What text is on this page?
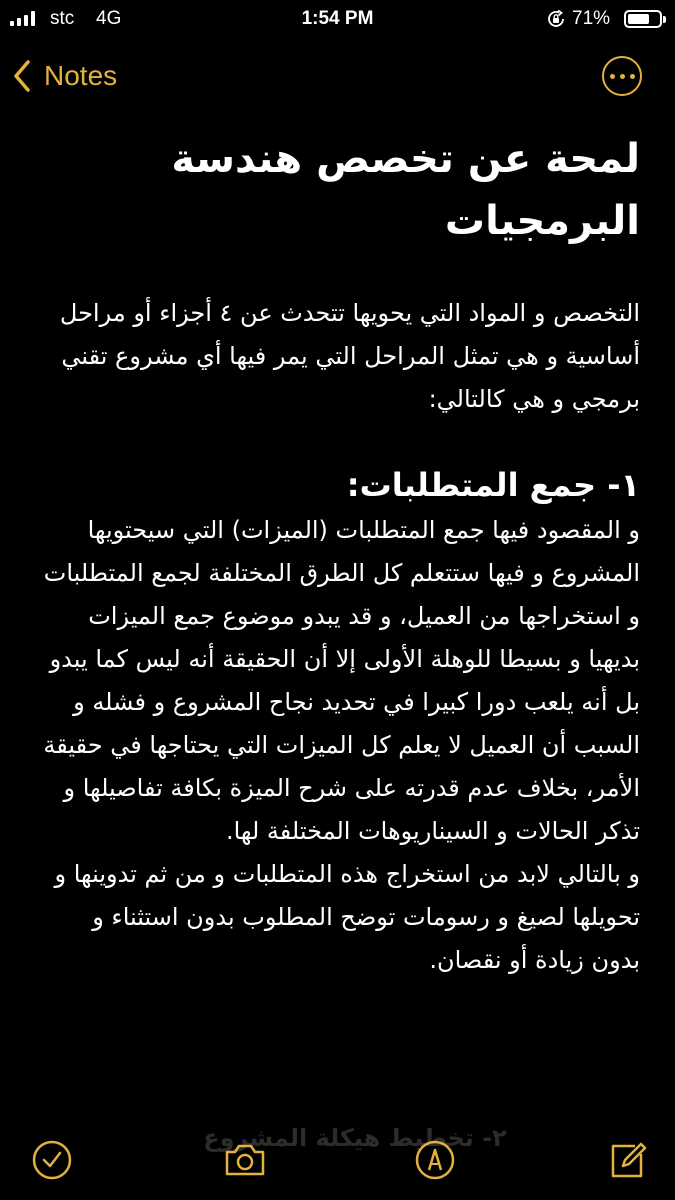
stc 4G	1:54 PM	71%
Notes
لمحة عن تخصص هندسة البرمجيات
التخصص و المواد التي يحويها تتحدث عن ٤ أجزاء أو مراحل أساسية و هي تمثل المراحل التي يمر فيها أي مشروع تقني برمجي و هي كالتالي:
١- جمع المتطلبات:
و المقصود فيها جمع المتطلبات (الميزات) التي سيحتويها المشروع و فيها ستتعلم كل الطرق المختلفة لجمع المتطلبات و استخراجها من العميل، و قد يبدو موضوع جمع الميزات بديهيا و بسيطا للوهلة الأولى إلا أن الحقيقة أنه ليس كما يبدو بل أنه يلعب دورا كبيرا في تحديد نجاح المشروع و فشله و السبب أن العميل لا يعلم كل الميزات التي يحتاجها في حقيقة الأمر، بخلاف عدم قدرته على شرح الميزة بكافة تفاصيلها و تذكر الحالات و السيناريوهات المختلفة لها.
و بالتالي لابد من استخراج هذه المتطلبات و من ثم تدوينها و تحويلها لصيغ و رسومات توضح المطلوب بدون استثناء و بدون زيادة أو نقصان.
٢- تخطيط هيكلة المشروع
